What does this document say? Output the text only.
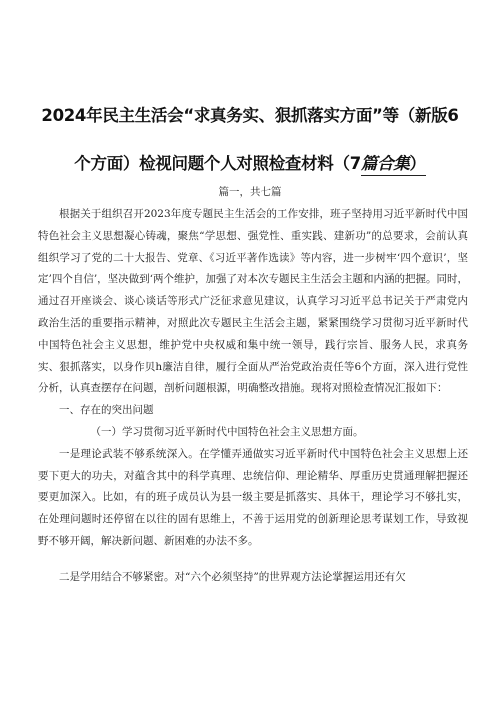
2024年民主生活会“求真务实、狠抓落实方面”等（新版6
个方面）检视问题个人对照检查材料（7篇合集）
篇一，共七篇

根据关于组织召开2023年度专题民主生活会的工作安排，班子坚持用习近平新时代中国特色社会主义思想凝心铸魂，聚焦“学思想、强党性、重实践、建新功”的总要求，会前认真组织学习了党的二十大报告、党章、《习近平著作选读》等内容，进一步树牢‘四个意识’，坚定’四个自信’，坚决做到‘两个维护，加强了对本次专题民主生活会主题和内涵的把握。同时，通过召开座谈会、谈心谈话等形式广泛征求意见建议，认真学习习近平总书记关于严肃党内政治生活的重要指示精神，对照此次专题民主生活会主题，紧紧围绕学习贯彻习近平新时代中国特色社会主义思想，维护党中央权威和集中统一领导，践行宗旨、服务人民，求真务实、狠抓落实，以身作贝h廉洁自律，履行全面从严治党政治责任等6个方面，深入进行党性分析，认真查摆存在问题，剖析问题根源，明确整改措施。现将对照检查情况汇报如下：

一、存在的突出问题

（一）学习贯彻习近平新时代中国特色社会主义思想方面。

一是理论武装不够系统深入。在学懂弄通做实习近平新时代中国特色社会主义思想上还要下更大的功夫，对蕴含其中的科学真理、忠统信仰、理论精华、厚重历史贯通理解把握还要更加深入。比如，有的班子成员认为县一级主要是抓落实、具体干，理论学习不够扎实，在处理问题时还停留在以往的固有思维上，不善于运用党的创新理论思考谋划工作，导致视野不够开阔，解决新问题、新困难的办法不多。

二是学用结合不够紧密。对“六个必须坚持”的世界观方法论掌握运用还有欠
